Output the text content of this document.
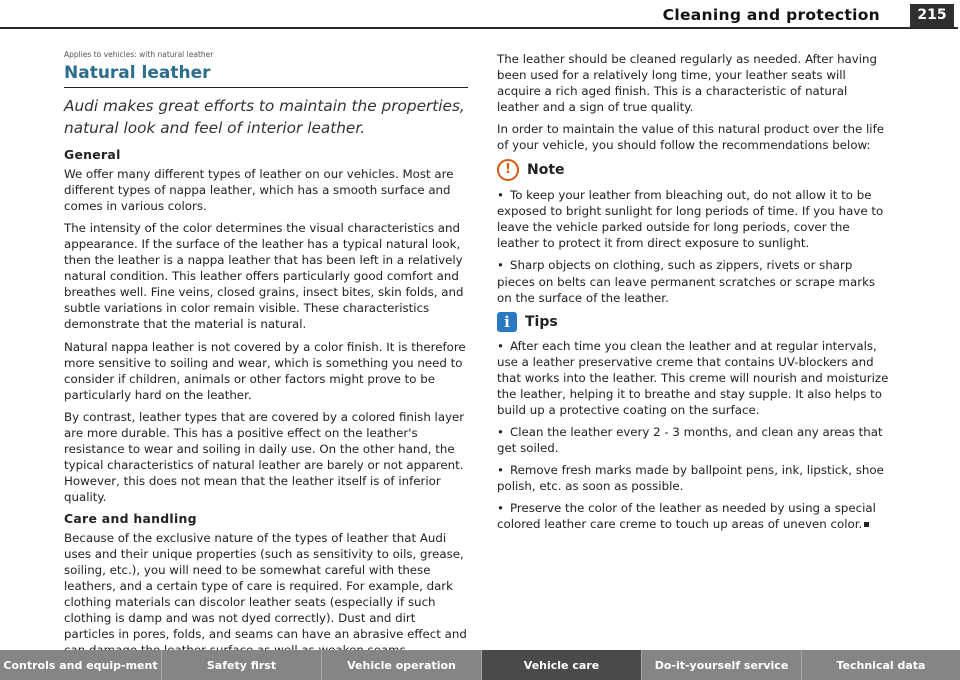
Cleaning and protection	215
Applies to vehicles: with natural leather
Natural leather
Audi makes great efforts to maintain the properties, natural look and feel of interior leather.
General

We offer many different types of leather on our vehicles. Most are different types of nappa leather, which has a smooth surface and comes in various colors.

The intensity of the color determines the visual characteristics and appearance. If the surface of the leather has a typical natural look, then the leather is a nappa leather that has been left in a relatively natural condition. This leather offers particularly good comfort and breathes well. Fine veins, closed grains, insect bites, skin folds, and subtle variations in color remain visible. These characteristics demonstrate that the material is natural.

Natural nappa leather is not covered by a color finish. It is therefore more sensitive to soiling and wear, which is something you need to consider if children, animals or other factors might prove to be particularly hard on the leather.

By contrast, leather types that are covered by a colored finish layer are more durable. This has a positive effect on the leather's resistance to wear and soiling in daily use. On the other hand, the typical characteristics of natural leather are barely or not apparent. However, this does not mean that the leather itself is of inferior quality.

Care and handling

Because of the exclusive nature of the types of leather that Audi uses and their unique properties (such as sensitivity to oils, grease, soiling, etc.), you will need to be somewhat careful with these leathers, and a certain type of care is required. For example, dark clothing materials can discolor leather seats (especially if such clothing is damp and was not dyed correctly). Dust and dirt particles in pores, folds, and seams can have an abrasive effect and

The leather should be cleaned regularly as needed. After having been used for a relatively long time, your leather seats will acquire a rich aged finish. This is a characteristic of natural leather and a sign of true quality.

In order to maintain the value of this natural product over the life of your vehicle, you should follow the recommendations below:

!	Note

• To keep your leather from bleaching out, do not allow it to be exposed to bright sunlight for long periods of time. If you have to leave the vehicle parked outside for long periods, cover the leather to protect it from direct exposure to sunlight.

• Sharp objects on clothing, such as zippers, rivets or sharp pieces on belts can leave permanent scratches or scrape marks on the surface of the leather.

i	Tips

• After each time you clean the leather and at regular intervals, use a leather preservative creme that contains UV-blockers and that works into the leather. This creme will nourish and moisturize the leather, helping it to breathe and stay supple. It also helps to build up a protective coating on the surface.

• Clean the leather every 2 - 3 months, and clean any areas that get soiled.

• Remove fresh marks made by ballpoint pens, ink, lipstick, shoe polish, etc. as soon as possible.

• Preserve the color of the leather as needed by using a special colored leather care creme to touch up areas of uneven color.

Controls and equip-ment	Safety first	Vehicle operation	Vehicle care	Do-it-yourself service	Technical data
